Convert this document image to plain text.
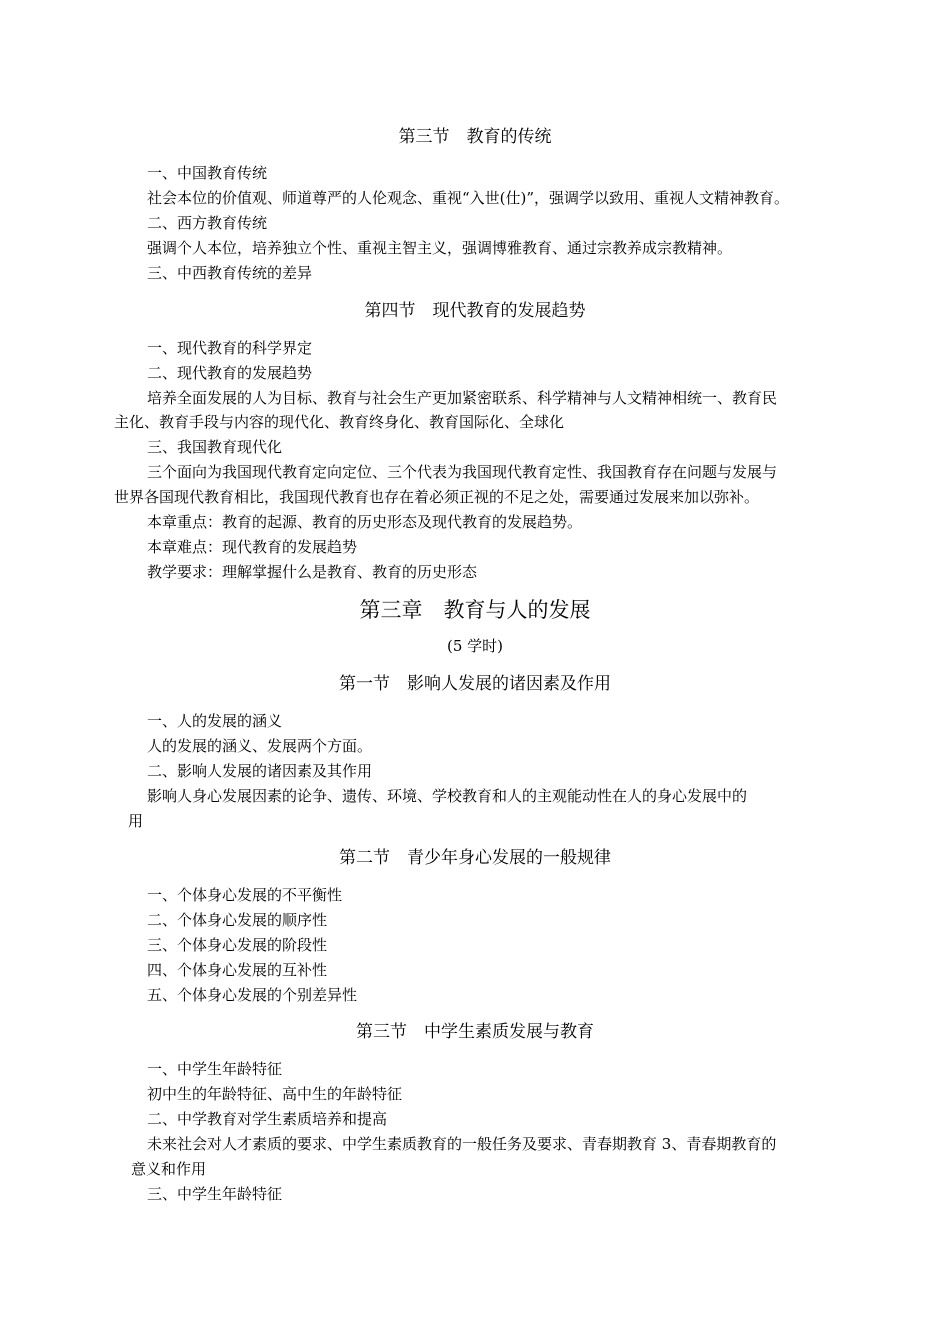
第三节　教育的传统
一、中国教育传统
社会本位的价值观、师道尊严的人伦观念、重视“入世(仕)”，强调学以致用、重视人文精神教育。
二、西方教育传统
强调个人本位，培养独立个性、重视主智主义，强调博雅教育、通过宗教养成宗教精神。
三、中西教育传统的差异
第四节　现代教育的发展趋势
一、现代教育的科学界定
二、现代教育的发展趋势
培养全面发展的人为目标、教育与社会生产更加紧密联系、科学精神与人文精神相统一、教育民
主化、教育手段与内容的现代化、教育终身化、教育国际化、全球化
三、我国教育现代化
三个面向为我国现代教育定向定位、三个代表为我国现代教育定性、我国教育存在问题与发展与
世界各国现代教育相比，我国现代教育也存在着必须正视的不足之处，需要通过发展来加以弥补。
本章重点：教育的起源、教育的历史形态及现代教育的发展趋势。
本章难点：现代教育的发展趋势
教学要求：理解掌握什么是教育、教育的历史形态
第三章　教育与人的发展
(5 学时)
第一节　影响人发展的诸因素及作用
一、人的发展的涵义
人的发展的涵义、发展两个方面。
二、影响人发展的诸因素及其作用
影响人身心发展因素的论争、遗传、环境、学校教育和人的主观能动性在人的身心发展中的
用
第二节　青少年身心发展的一般规律
一、个体身心发展的不平衡性
二、个体身心发展的顺序性
三、个体身心发展的阶段性
四、个体身心发展的互补性
五、个体身心发展的个别差异性
第三节　中学生素质发展与教育
一、中学生年龄特征
初中生的年龄特征、高中生的年龄特征
二、中学教育对学生素质培养和提高
未来社会对人才素质的要求、中学生素质教育的一般任务及要求、青春期教育 3、青春期教育的
意义和作用
三、中学生年龄特征
